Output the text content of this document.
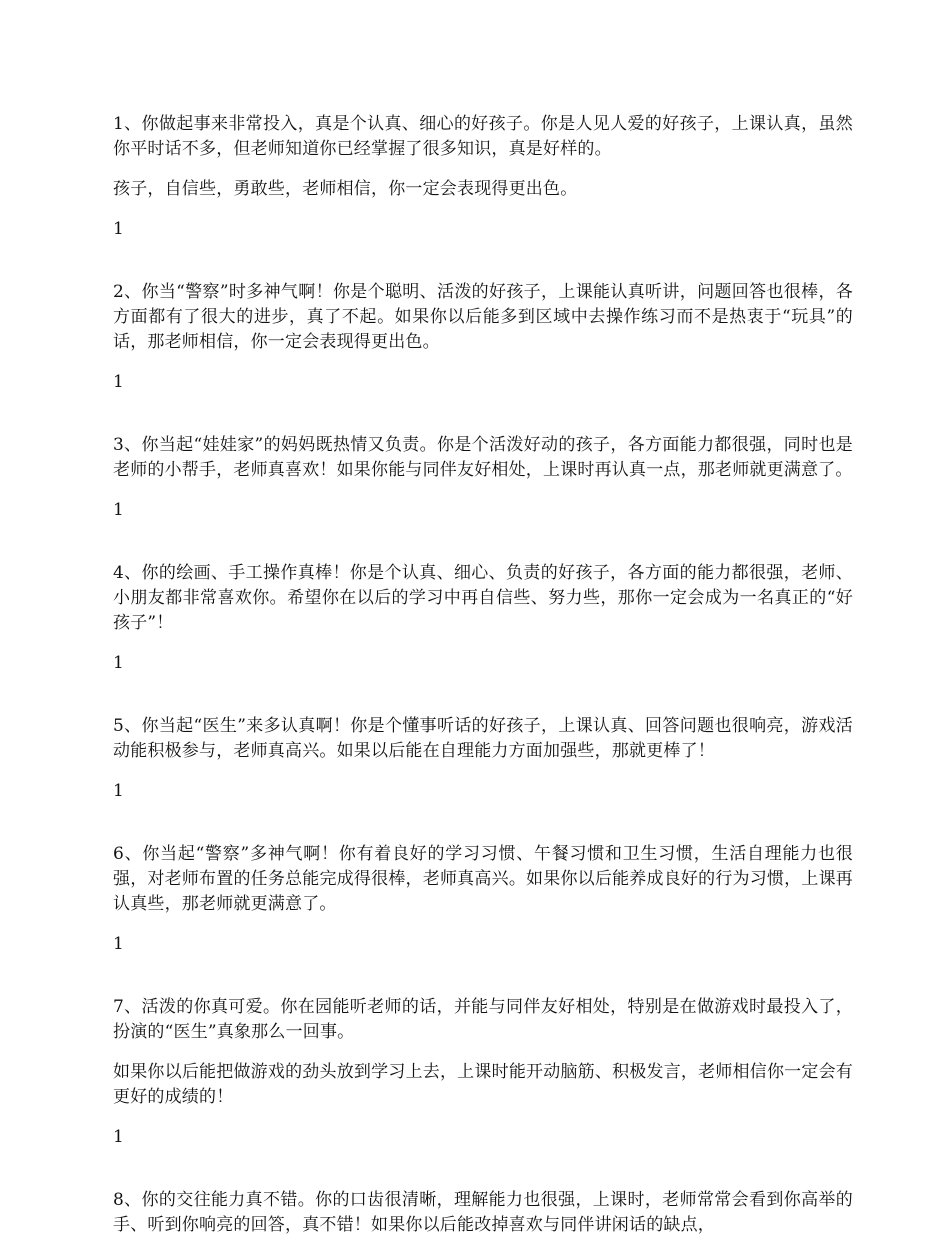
1、你做起事来非常投入，真是个认真、细心的好孩子。你是人见人爱的好孩子，上课认真，虽然你平时话不多，但老师知道你已经掌握了很多知识，真是好样的。

孩子，自信些，勇敢些，老师相信，你一定会表现得更出色。

1

2、你当“警察”时多神气啊！你是个聪明、活泼的好孩子，上课能认真听讲，问题回答也很棒，各方面都有了很大的进步，真了不起。如果你以后能多到区域中去操作练习而不是热衷于“玩具”的话，那老师相信，你一定会表现得更出色。

1

3、你当起“娃娃家”的妈妈既热情又负责。你是个活泼好动的孩子，各方面能力都很强，同时也是老师的小帮手，老师真喜欢！如果你能与同伴友好相处，上课时再认真一点，那老师就更满意了。

1

4、你的绘画、手工操作真棒！你是个认真、细心、负责的好孩子，各方面的能力都很强，老师、小朋友都非常喜欢你。希望你在以后的学习中再自信些、努力些，那你一定会成为一名真正的“好孩子”！

1

5、你当起“医生”来多认真啊！你是个懂事听话的好孩子，上课认真、回答问题也很响亮，游戏活动能积极参与，老师真高兴。如果以后能在自理能力方面加强些，那就更棒了！

1

6、你当起“警察”多神气啊！你有着良好的学习习惯、午餐习惯和卫生习惯，生活自理能力也很强，对老师布置的任务总能完成得很棒，老师真高兴。如果你以后能养成良好的行为习惯，上课再认真些，那老师就更满意了。

1

7、活泼的你真可爱。你在园能听老师的话，并能与同伴友好相处，特别是在做游戏时最投入了，扮演的“医生”真象那么一回事。

如果你以后能把做游戏的劲头放到学习上去，上课时能开动脑筋、积极发言，老师相信你一定会有更好的成绩的！

1

8、你的交往能力真不错。你的口齿很清晰，理解能力也很强，上课时，老师常常会看到你高举的手、听到你响亮的回答，真不错！如果你以后能改掉喜欢与同伴讲闲话的缺点，
